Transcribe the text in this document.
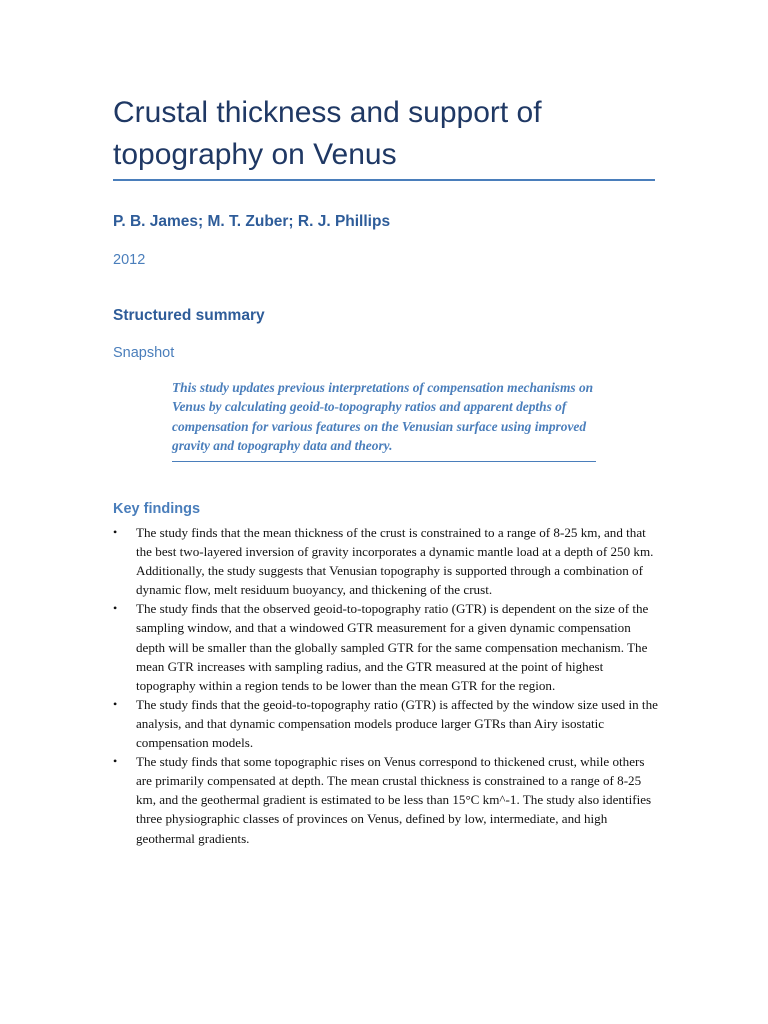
Crustal thickness and support of topography on Venus
P. B. James; M. T. Zuber; R. J. Phillips
2012
Structured summary
Snapshot

This study updates previous interpretations of compensation mechanisms on Venus by calculating geoid-to-topography ratios and apparent depths of compensation for various features on the Venusian surface using improved gravity and topography data and theory.

Key findings
• The study finds that the mean thickness of the crust is constrained to a range of 8-25 km, and that the best two-layered inversion of gravity incorporates a dynamic mantle load at a depth of 250 km. Additionally, the study suggests that Venusian topography is supported through a combination of dynamic flow, melt residuum buoyancy, and thickening of the crust.
• The study finds that the observed geoid-to-topography ratio (GTR) is dependent on the size of the sampling window, and that a windowed GTR measurement for a given dynamic compensation depth will be smaller than the globally sampled GTR for the same compensation mechanism. The mean GTR increases with sampling radius, and the GTR measured at the point of highest topography within a region tends to be lower than the mean GTR for the region.
• The study finds that the geoid-to-topography ratio (GTR) is affected by the window size used in the analysis, and that dynamic compensation models produce larger GTRs than Airy isostatic compensation models.
• The study finds that some topographic rises on Venus correspond to thickened crust, while others are primarily compensated at depth. The mean crustal thickness is constrained to a range of 8-25 km, and the geothermal gradient is estimated to be less than 15°C km^-1. The study also identifies three physiographic classes of provinces on Venus, defined by low, intermediate, and high geothermal gradients.
